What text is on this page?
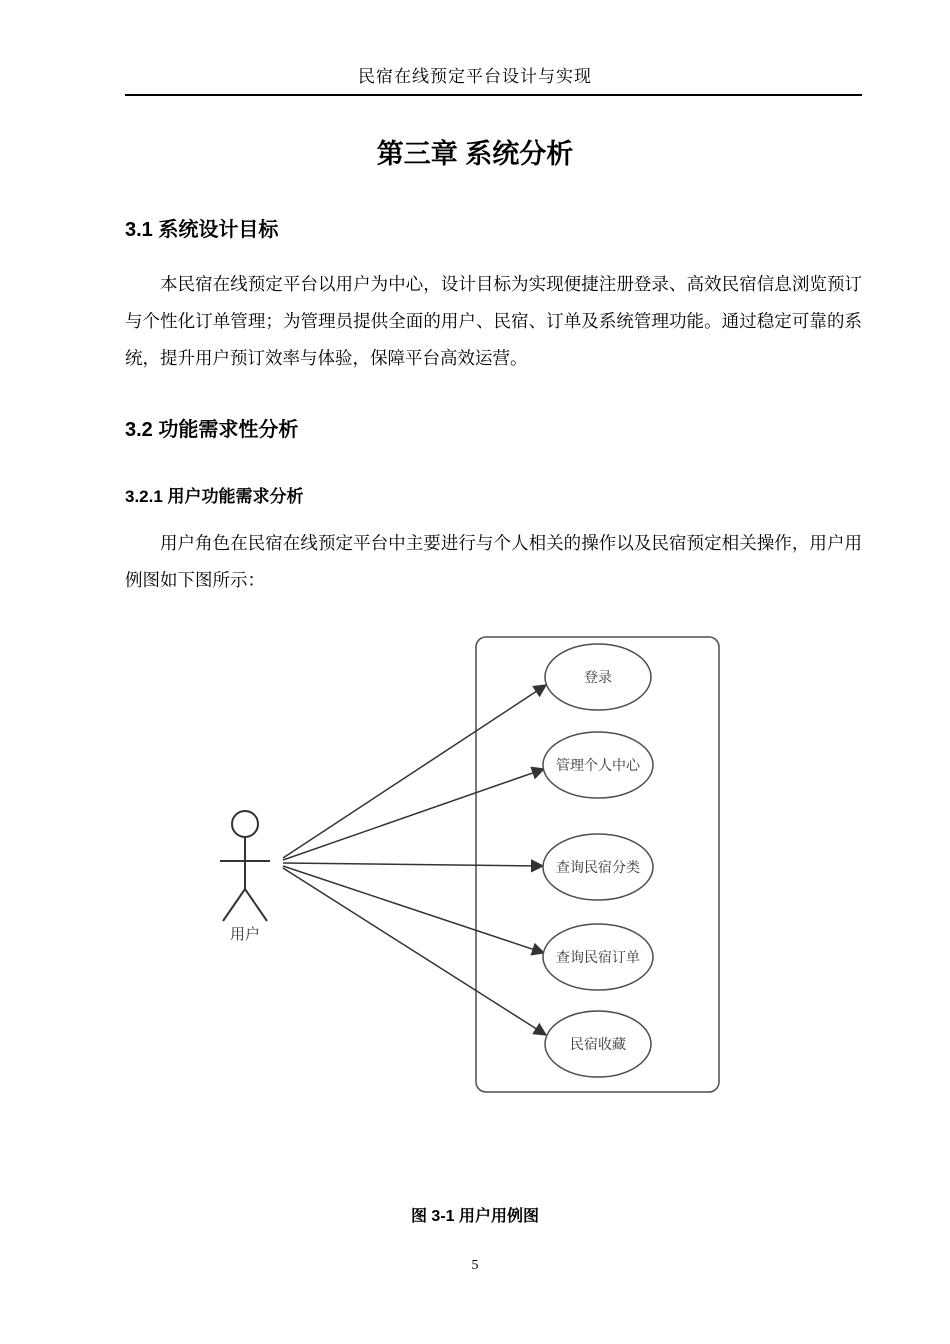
民宿在线预定平台设计与实现
第三章 系统分析
3.1 系统设计目标

本民宿在线预定平台以用户为中心，设计目标为实现便捷注册登录、高效民宿信息浏览预订与个性化订单管理；为管理员提供全面的用户、民宿、订单及系统管理功能。通过稳定可靠的系统，提升用户预订效率与体验，保障平台高效运营。

3.2 功能需求性分析
3.2.1 用户功能需求分析

用户角色在民宿在线预定平台中主要进行与个人相关的操作以及民宿预定相关操作，用户用例图如下图所示：

用户
登录
管理个人中心
查询民宿分类
查询民宿订单
民宿收藏
图 3-1 用户用例图
5
